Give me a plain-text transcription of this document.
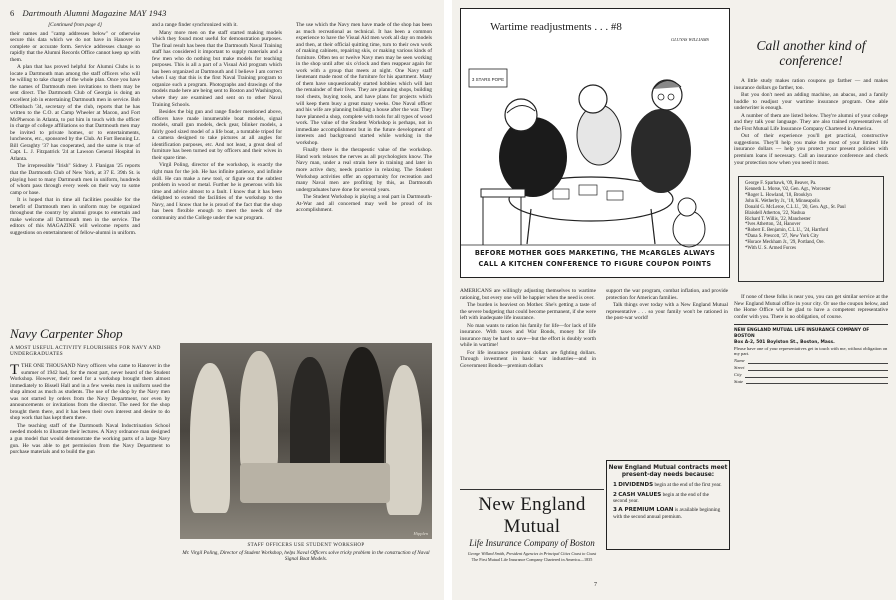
6 Dartmouth Alumni Magazine MAY 1943
[Continued from page 4]

their names and "camp addresses below" or otherwise secure this data which we do not have in Hanover in complete or accurate form. Service addresses change so rapidly that the Alumni Records Office cannot keep up with them.

A plan that has proved helpful for Alumni Clubs is to locate a Dartmouth man among the staff officers who will be willing to take charge of the whole plan. Once you have the names of Dartmouth men invitations to them may be sent direct. The Dartmouth Club of Georgia is doing an excellent job in entertaining Dartmouth men in service. Bob Offenbach '34, secretary of the club, reports that he has written to the C.O. at Camp Wheeler at Macon, and Fort McPherson in Atlanta, to put him in touch with the officer in charge of college affiliations so that Dartmouth men may be invited to private homes, or to entertainments, luncheons, etc., sponsored by the Club. At Fort Benning Lt. Bill Geraghty '37 has cooperated, and the same is true of Capt. L. J. Fitzpatrick '24 at Lawson General Hospital in Atlanta.

The irrepressible "Irish" Sidney J. Flanigan '25 reports that the Dartmouth Club of New York, at 37 E. 39th St. is playing host to many Dartmouth men in uniform, hundreds of whom pass through every week on their way to some camp or base.

It is hoped that in time all facilities possible for the benefit of Dartmouth men in uniform may be organized throughout the country by alumni groups to entertain and make welcome all Dartmouth men in the service. The editors of this MAGAZINE will welcome reports and suggestions on entertainment of fellow-alumni in uniform.

and a range finder synchronized with it.

Many more men on the staff started making models which they found most useful for demonstration purposes. The final result has been that the Dartmouth Naval Training staff has considered it important to supply materials and a few men who do nothing but make models for teaching purposes. This is all a part of a Visual Aid program which has been organized at Dartmouth and I believe I am correct when I say that this is the first Naval Training program to organize such a program. Photographs and drawings of the models made here are being sent to Boston and Washington, where they are examined and sent on to other Naval Training Schools.

Besides the big gun and range finder mentioned above, officers have made innumerable boat models, signal models, small gun models, deck gear, blinker models, a fairly good sized model of a life boat, a turntable tripod for a camera designed to take pictures at all angles for identification purposes, etc. And not least, a great deal of furniture has been turned out by officers and their wives in their spare time.

Virgil Poling, director of the workshop, is exactly the right man for the job. He has infinite patience, and infinite skill. He can make a new tool, or figure out the subtlest problem in wood or metal. Further he is generous with his time and advice almost to a fault. I know that it has been delighted to extend the facilities of the workshop to the Navy, and I know that he is proud of the fact that the shop has been flexible enough to meet the needs of the community and the College under the war program.

The use which the Navy men have made of the shop has been as much recreational as technical. It has been a common experience to have the Visual Aid men work all day on models and then, at their official quitting time, turn to their own work of making cabinets, repairing skis, or making various kinds of furniture. Often ten or twelve Navy men may be seen working in the shop until after six o'clock and then reappear again for work with a group that meets at night. One Navy staff lieutenant made most of the furniture for his apartment. Many of them have unquestionably started hobbies which will last the remainder of their lives. They are planning shops, building tool chests, buying tools, and have plans for projects which will keep them busy a great many weeks. One Naval officer and his wife are planning building a house after the war. They have planned a shop, complete with tools for all types of wood work. The value of the Student Workshop is perhaps, not in immediate accomplishment but in the future development of interests and background started while working in the workshop.

Finally there is the therapeutic value of the workshop. Hand work relaxes the nerves as all psychologists know. The Navy man, under a real strain here in training and later in more active duty, needs practice in relaxing. The Student Workshop activities offer an opportunity for recreation and many Naval men are profiting by this, as Dartmouth undergraduates have done for several years.

The Student Workshop is playing a real part in Dartmouth-At-War and all concerned may well be proud of its accomplishment.

Navy Carpenter Shop
A MOST USEFUL ACTIVITY FLOURISHES FOR NAVY AND UNDERGRADUATES

TTHE ONE THOUSAND Navy officers who came to Hanover in the summer of 1942 had, for the most part, never heard of the Student Workshop. However, their need for a workshop brought them almost immediately to Bissell Hall and in a few weeks men in uniform used the shop almost as much as students. The use of the shop by the Navy men was not started by orders from the Navy Department, nor even by announcements or invitations from the director. The need for the shop brought them there, and it has been their own interest and desire to do shop work that has kept them there.

The teaching staff of the Dartmouth Naval Indoctrination School needed models to illustrate their lectures. A Navy ordnance man designed a gun model that would demonstrate the working parts of a large Navy gun. He was able to get permission from the Navy Department to purchase materials and to build the gun

Hipplen
STAFF OFFICERS USE STUDENT WORKSHOP
Mr. Virgil Poling, Director of Student Workshop, helps Naval Officers solve tricky problem in the construction of Naval Signal Boat Models.
Wartime readjustments . . . #8
GLUYAS WILLIAMS
3 STARS POPE
BEFORE MOTHER GOES MARKETING, THE McARGLES ALWAYS
CALL A KITCHEN CONFERENCE TO FIGURE COUPON POINTS

AMERICANS are willingly adjusting themselves to wartime rationing, but every one will be happier when the need is over.

The burden is heaviest on Mother. She's getting a taste of the severe budgeting that could become permanent, if she were left with inadequate life insurance.

No man wants to ration his family for life—for lack of life insurance. With taxes and War Bonds, money for life insurance may be hard to save—but the effort is doubly worth while in wartime!

For life insurance premium dollars are fighting dollars. Through investment in basic war industries—and in Government Bonds—premium dollars

support the war program, combat inflation, and provide protection for American families.

Talk things over today with a New England Mutual representative . . . so your family won't be rationed in the post-war world!

New England Mutual contracts meet present-day needs because:
1 DIVIDENDS begin at the end of the first year.
2 CASH VALUES begin at the end of the second year.
3 A PREMIUM LOAN is available beginning with the second annual premium.
New England Mutual
Life Insurance Company of Boston
George Willard Smith, President Agencies in Principal Cities Coast to Coast
The First Mutual Life Insurance Company Chartered in America—1835
7
Call another kind of conference!

A little study makes ration coupons go farther — and makes insurance dollars go farther, too.

But you don't need an adding machine, an abacus, and a family huddle to readjust your wartime insurance program. One able underwriter is enough.

A number of them are listed below. They're alumni of your college and they talk your language. They are also trained representatives of the First Mutual Life Insurance Company Chartered in America.

Out of their experience you'll get practical, constructive suggestions. They'll help you make the most of your limited life insurance dollars — help you protect your present policies with premium loans if necessary. Call an insurance conference and check your protection now when you need it most.

George F. Sparhawk, '09, Beaver, Pa.
Kenneth L. Morse, '02, Gen. Agt., Worcester
*Roger L. Howland, '18, Brooklyn
John K. Wetherby Jr., '18, Minneapolis
Donald G. McLeroe, C.L.U., '20, Gen. Agt., St. Paul
Blaisdell Atherton, '22, Nashua
Richard T. Willis, '22, Manchester
*Ives Atherton, '24, Hanover
*Robert E. Benjamin, C.L.U., '24, Hartford
*Dana S. Prescott, '27, New York City
*Horace Meckham Jr., '29, Portland, Ore.
*With U. S. Armed Forces

If none of these folks is near you, you can get similar service at the New England Mutual office in your city. Or use the coupon below, and the Home Office will be glad to have a competent representative confer with you. There is no obligation, of course.

NEW ENGLAND MUTUAL LIFE INSURANCE COMPANY OF BOSTON
Box A-2, 501 Boylston St., Boston, Mass.
Please have one of your representatives get in touch with me, without obligation on my part.
Name
Street
City
State
